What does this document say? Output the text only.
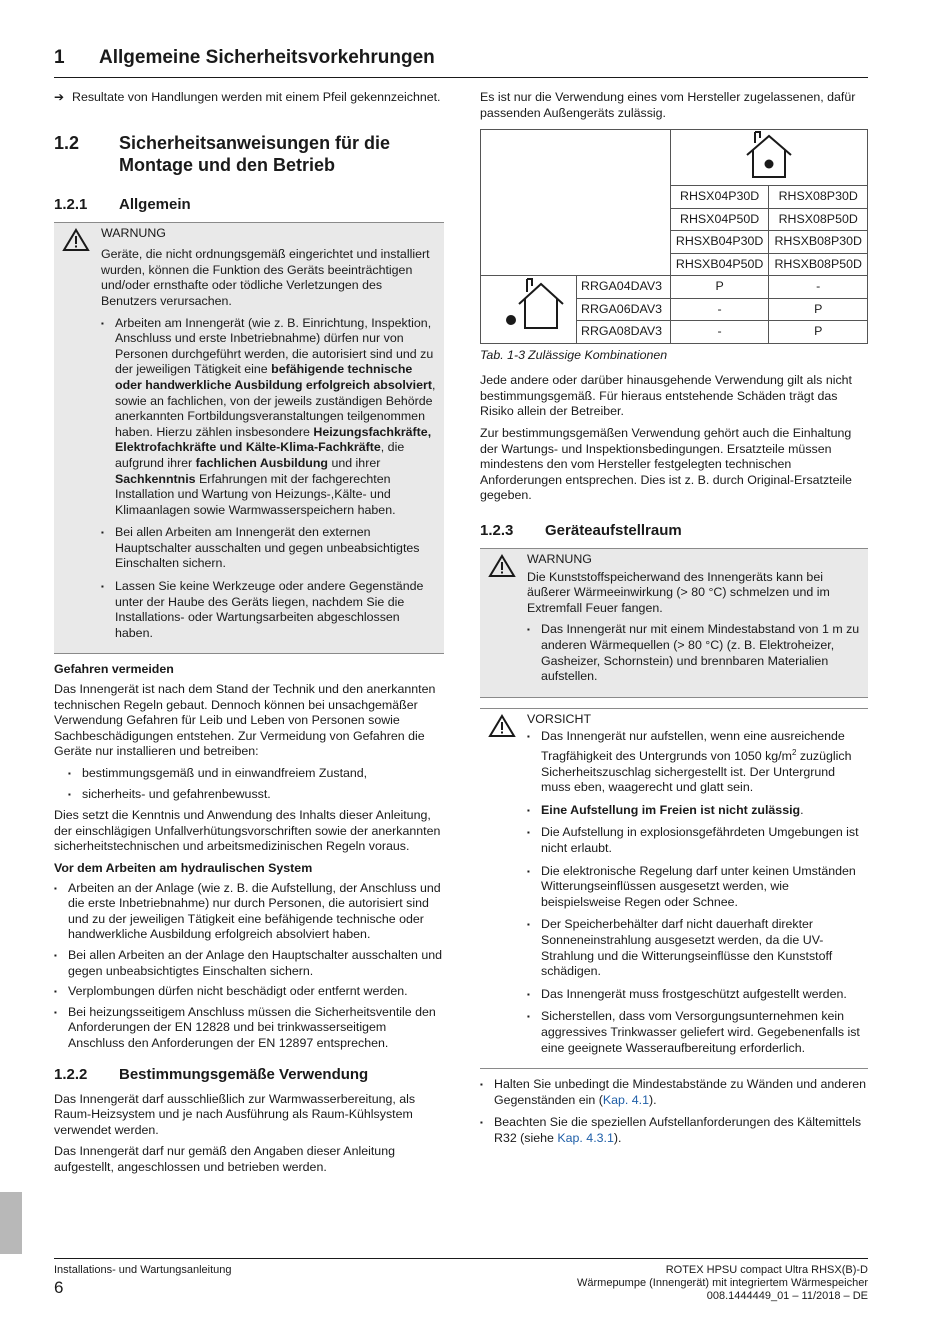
1 Allgemeine Sicherheitsvorkehrungen
➔ Resultate von Handlungen werden mit einem Pfeil gekennzeichnet.
1.2	Sicherheitsanweisungen für die Montage und den Betrieb
1.2.1	Allgemein
WARNUNG

Geräte, die nicht ordnungsgemäß eingerichtet und installiert wurden, können die Funktion des Geräts beeinträchtigen und/oder ernsthafte oder tödliche Verletzungen des Benutzers verursachen.

▪ Arbeiten am Innengerät (wie z. B. Einrichtung, Inspektion, Anschluss und erste Inbetriebnahme) dürfen nur von Personen durchgeführt werden, die autorisiert sind und zu der jeweiligen Tätigkeit eine befähigende technische oder handwerkliche Ausbildung erfolgreich absolviert, sowie an fachlichen, von der jeweils zuständigen Behörde anerkannten Fortbildungsveranstaltungen teilgenommen haben. Hierzu zählen insbesondere Heizungsfachkräfte, Elektrofachkräfte und Kälte-Klima-Fachkräfte, die aufgrund ihrer fachlichen Ausbildung und ihrer Sachkenntnis Erfahrungen mit der fachgerechten Installation und Wartung von Heizungs-,Kälte- und Klimaanlagen sowie Warmwasserspeichern haben.
▪ Bei allen Arbeiten am Innengerät den externen Hauptschalter ausschalten und gegen unbeabsichtigtes Einschalten sichern.
▪ Lassen Sie keine Werkzeuge oder andere Gegenstände unter der Haube des Geräts liegen, nachdem Sie die Installations- oder Wartungsarbeiten abgeschlossen haben.
Gefahren vermeiden

Das Innengerät ist nach dem Stand der Technik und den anerkannten technischen Regeln gebaut. Dennoch können bei unsachgemäßer Verwendung Gefahren für Leib und Leben von Personen sowie Sachbeschädigungen entstehen. Zur Vermeidung von Gefahren die Geräte nur installieren und betreiben:

▪ bestimmungsgemäß und in einwandfreiem Zustand,
▪ sicherheits- und gefahrenbewusst.

Dies setzt die Kenntnis und Anwendung des Inhalts dieser Anleitung, der einschlägigen Unfallverhütungsvorschriften sowie der anerkannten sicherheitstechnischen und arbeitsmedizinischen Regeln voraus.

Vor dem Arbeiten am hydraulischen System
▪ Arbeiten an der Anlage (wie z. B. die Aufstellung, der Anschluss und die erste Inbetriebnahme) nur durch Personen, die autorisiert sind und zu der jeweiligen Tätigkeit eine befähigende technische oder handwerkliche Ausbildung erfolgreich absolviert haben.
▪ Bei allen Arbeiten an der Anlage den Hauptschalter ausschalten und gegen unbeabsichtigtes Einschalten sichern.
▪ Verplombungen dürfen nicht beschädigt oder entfernt werden.
▪ Bei heizungsseitigem Anschluss müssen die Sicherheitsventile den Anforderungen der EN 12828 und bei trinkwasserseitigem Anschluss den Anforderungen der EN 12897 entsprechen.
1.2.2	Bestimmungsgemäße Verwendung

Das Innengerät darf ausschließlich zur Warmwasserbereitung, als Raum-Heizsystem und je nach Ausführung als Raum-Kühlsystem verwendet werden.

Das Innengerät darf nur gemäß den Angaben dieser Anleitung aufgestellt, angeschlossen und betrieben werden.

Es ist nur die Verwendung eines vom Hersteller zugelassenen, dafür passenden Außengeräts zulässig.

		RHSX04P30D	RHSX08P30D
		RHSX04P50D	RHSX08P50D
		RHSXB04P30D	RHSXB08P30D
		RHSXB04P50D	RHSXB08P50D
	RRGA04DAV3	P	-
	RRGA06DAV3	-	P
	RRGA08DAV3	-	P
Tab. 1-3 Zulässige Kombinationen

Jede andere oder darüber hinausgehende Verwendung gilt als nicht bestimmungsgemäß. Für hieraus entstehende Schäden trägt das Risiko allein der Betreiber.

Zur bestimmungsgemäßen Verwendung gehört auch die Einhaltung der Wartungs- und Inspektionsbedingungen. Ersatzteile müssen mindestens den vom Hersteller festgelegten technischen Anforderungen entsprechen. Dies ist z. B. durch Original-Ersatzteile gegeben.

1.2.3	Geräteaufstellraum
WARNUNG

Die Kunststoffspeicherwand des Innengeräts kann bei äußerer Wärmeeinwirkung (> 80 °C) schmelzen und im Extremfall Feuer fangen.

▪ Das Innengerät nur mit einem Mindestabstand von 1 m zu anderen Wärmequellen (> 80 °C) (z. B. Elektroheizer, Gasheizer, Schornstein) und brennbaren Materialien aufstellen.
VORSICHT
▪ Das Innengerät nur aufstellen, wenn eine ausreichende Tragfähigkeit des Untergrunds von 1050 $kg/m^2$ zuzüglich Sicherheitszuschlag sichergestellt ist. Der Untergrund muss eben, waagerecht und glatt sein.
▪ Eine Aufstellung im Freien ist nicht zulässig.
▪ Die Aufstellung in explosionsgefährdeten Umgebungen ist nicht erlaubt.
▪ Die elektronische Regelung darf unter keinen Umständen Witterungseinflüssen ausgesetzt werden, wie beispielsweise Regen oder Schnee.
▪ Der Speicherbehälter darf nicht dauerhaft direkter Sonneneinstrahlung ausgesetzt werden, da die UV-Strahlung und die Witterungseinflüsse den Kunststoff schädigen.
▪ Das Innengerät muss frostgeschützt aufgestellt werden.
▪ Sicherstellen, dass vom Versorgungsunternehmen kein aggressives Trinkwasser geliefert wird. Gegebenenfalls ist eine geeignete Wasseraufbereitung erforderlich.
▪ Halten Sie unbedingt die Mindestabstände zu Wänden und anderen Gegenständen ein (Kap. 4.1).
▪ Beachten Sie die speziellen Aufstellanforderungen des Kältemittels R32 (siehe Kap. 4.3.1).
Installations- und Wartungsanleitung
6
ROTEX HPSU compact Ultra RHSX(B)-D
Wärmepumpe (Innengerät) mit integriertem Wärmespeicher
008.1444449_01 – 11/2018 – DE
